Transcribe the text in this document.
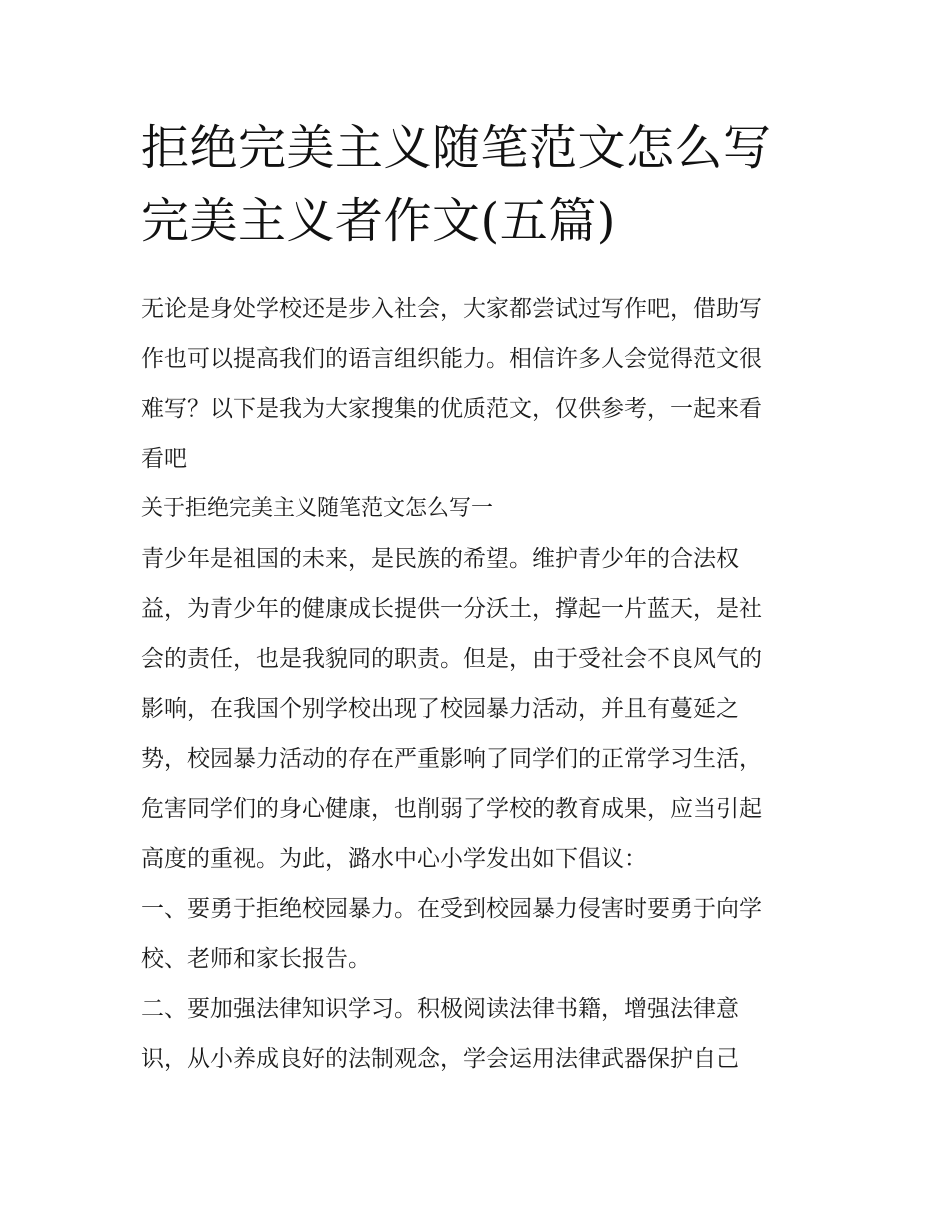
拒绝完美主义随笔范文怎么写
完美主义者作文(五篇)

无论是身处学校还是步入社会，大家都尝试过写作吧，借助写
作也可以提高我们的语言组织能力。相信许多人会觉得范文很
难写？以下是我为大家搜集的优质范文，仅供参考，一起来看
看吧

关于拒绝完美主义随笔范文怎么写一

青少年是祖国的未来，是民族的希望。维护青少年的合法权
益，为青少年的健康成长提供一分沃土，撑起一片蓝天，是社
会的责任，也是我貌同的职责。但是，由于受社会不良风气的
影响，在我国个别学校出现了校园暴力活动，并且有蔓延之
势，校园暴力活动的存在严重影响了同学们的正常学习生活，
危害同学们的身心健康，也削弱了学校的教育成果，应当引起
高度的重视。为此，潞水中心小学发出如下倡议：

一、要勇于拒绝校园暴力。在受到校园暴力侵害时要勇于向学
校、老师和家长报告。

二、要加强法律知识学习。积极阅读法律书籍，增强法律意
识，从小养成良好的法制观念，学会运用法律武器保护自己
